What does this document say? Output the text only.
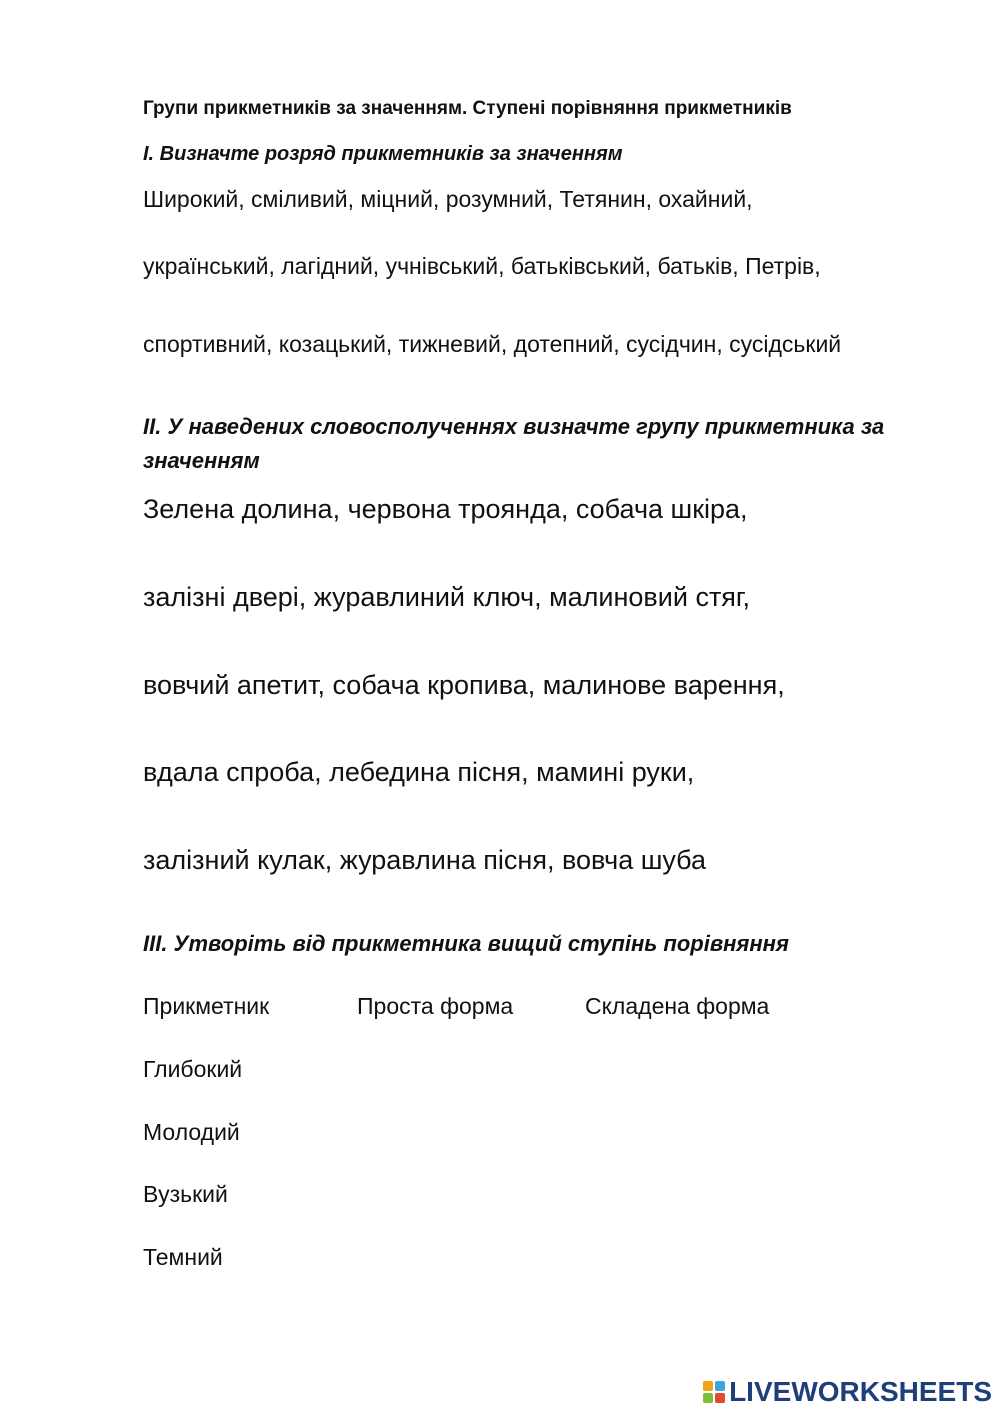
Групи прикметників за значенням. Ступені порівняння прикметників
І. Визначте розряд прикметників за значенням
Широкий, сміливий, міцний, розумний, Тетянин, охайний,
український, лагідний, учнівський, батьківський, батьків, Петрів,
спортивний, козацький, тижневий, дотепний, сусідчин, сусідський
ІІ. У наведених словосполученнях визначте групу прикметника за значенням
Зелена долина, червона троянда, собача шкіра,
залізні двері, журавлиний ключ, малиновий стяг,
вовчий апетит, собача кропива, малинове варення,
вдала спроба, лебедина пісня, мамині руки,
залізний кулак, журавлина пісня, вовча шуба
ІІІ. Утворіть від прикметника вищий ступінь порівняння
Прикметник	Проста форма	Складена форма
Глибокий
Молодий
Вузький
Темний
LIVEWORKSHEETS
